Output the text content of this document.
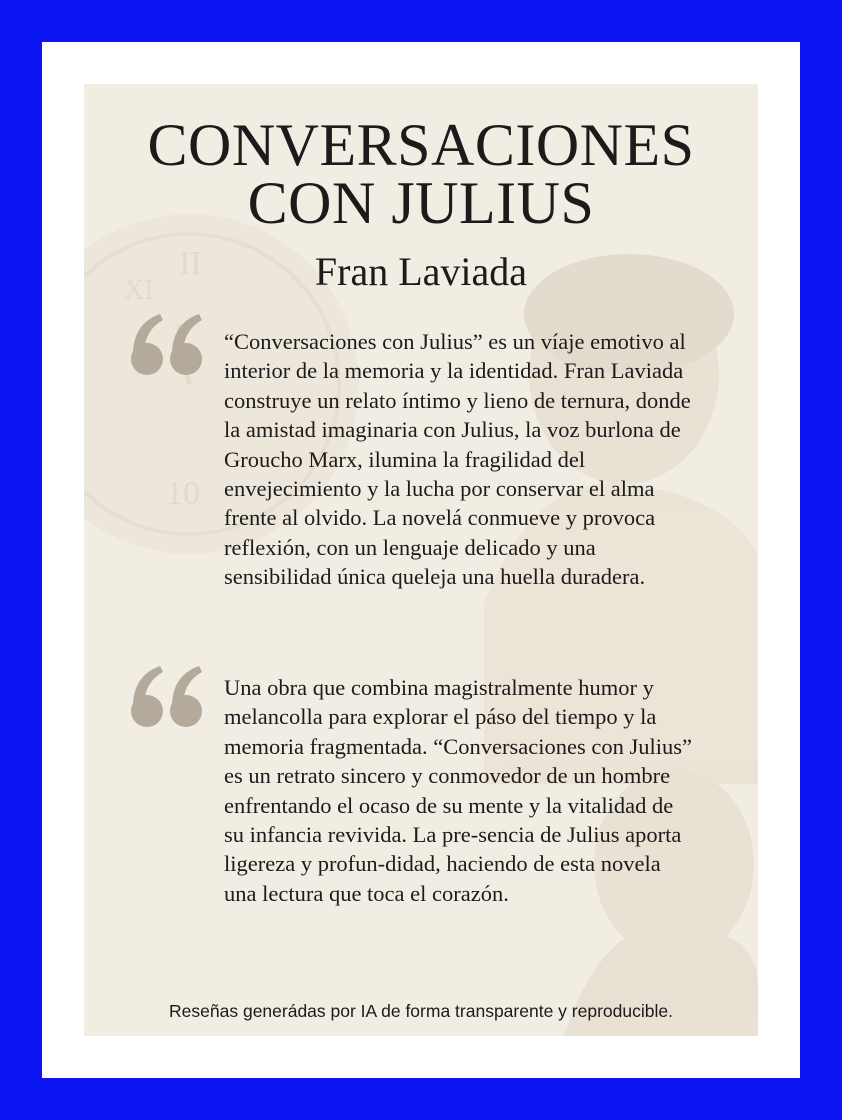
ΙΙ
ΧΙ
10
CONVERSACIONES
CON JULIUS
Fran Laviada

“Conversaciones con Julius” es un víaje emotivo al interior de la memoria y la identidad. Fran Laviada construye un relato íntimo y lieno de ternura, donde la amistad imaginaria con Julius, la voz burlona de Groucho Marx, ilumina la fragilidad del envejecimiento y la lucha por conservar el alma frente al olvido. La novelá conmueve y provoca reflexión, con un lenguaje delicado y una sensibilidad única queleja una huella duradera.

Una obra que combina magistralmente humor y melancolla para explorar el páso del tiempo y la memoria fragmentada. “Conversaciones con Julius” es un retrato sincero y conmovedor de un hombre enfrentando el ocaso de su mente y la vitalidad de su infancia revivida. La pre-sencia de Julius aporta ligereza y profun-didad, haciendo de esta novela una lectura que toca el corazón.

Reseñas generádas por IA de forma transparente y reproducible.
